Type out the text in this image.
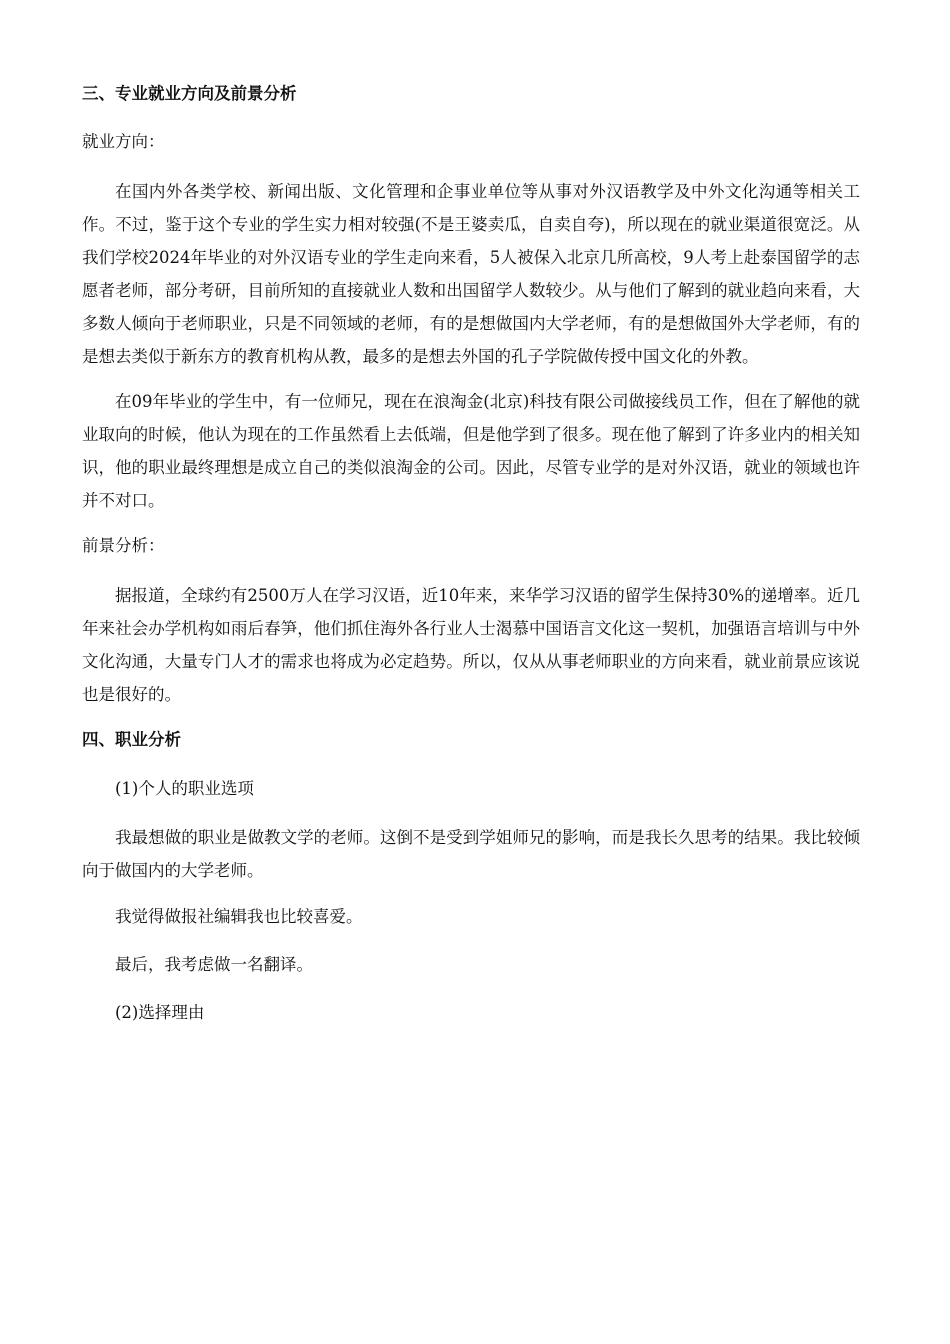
三、专业就业方向及前景分析
就业方向：

在国内外各类学校、新闻出版、文化管理和企事业单位等从事对外汉语教学及中外文化沟通等相关工作。不过，鉴于这个专业的学生实力相对较强(不是王婆卖瓜，自卖自夸)，所以现在的就业渠道很宽泛。从我们学校2024年毕业的对外汉语专业的学生走向来看，5人被保入北京几所高校，9人考上赴泰国留学的志愿者老师，部分考研，目前所知的直接就业人数和出国留学人数较少。从与他们了解到的就业趋向来看，大多数人倾向于老师职业，只是不同领域的老师，有的是想做国内大学老师，有的是想做国外大学老师，有的是想去类似于新东方的教育机构从教，最多的是想去外国的孔子学院做传授中国文化的外教。

在09年毕业的学生中，有一位师兄，现在在浪淘金(北京)科技有限公司做接线员工作，但在了解他的就业取向的时候，他认为现在的工作虽然看上去低端，但是他学到了很多。现在他了解到了许多业内的相关知识，他的职业最终理想是成立自己的类似浪淘金的公司。因此，尽管专业学的是对外汉语，就业的领域也许并不对口。

前景分析：

据报道，全球约有2500万人在学习汉语，近10年来，来华学习汉语的留学生保持30%的递增率。近几年来社会办学机构如雨后春笋，他们抓住海外各行业人士渴慕中国语言文化这一契机，加强语言培训与中外文化沟通，大量专门人才的需求也将成为必定趋势。所以，仅从从事老师职业的方向来看，就业前景应该说也是很好的。

四、职业分析
(1)个人的职业选项

我最想做的职业是做教文学的老师。这倒不是受到学姐师兄的影响，而是我长久思考的结果。我比较倾向于做国内的大学老师。

我觉得做报社编辑我也比较喜爱。
最后，我考虑做一名翻译。
(2)选择理由
